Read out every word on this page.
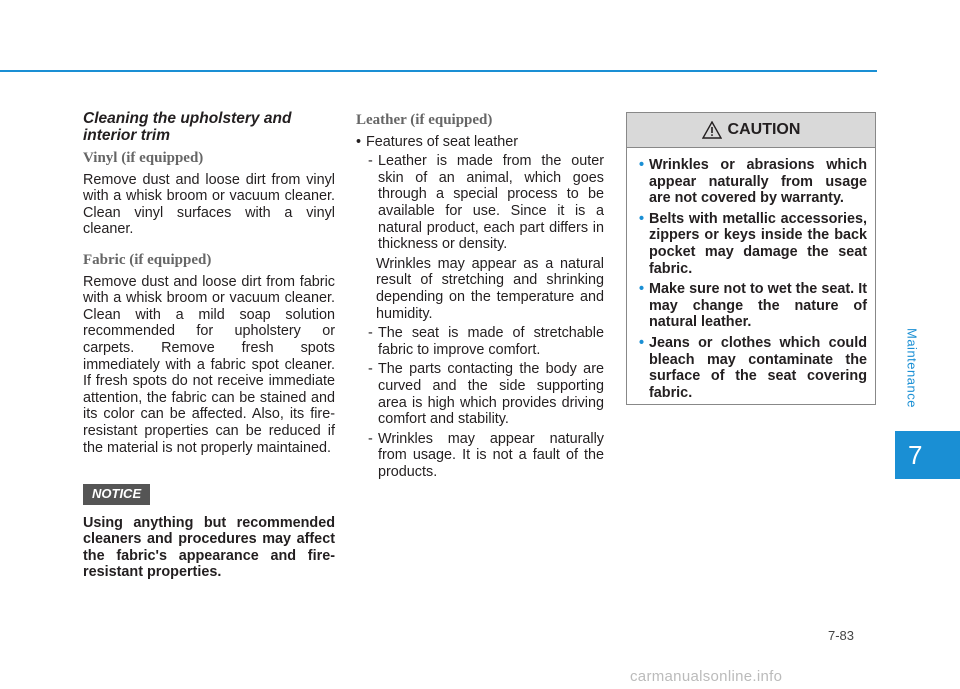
Maintenance
7
Cleaning the upholstery and interior trim
Vinyl (if equipped)

Remove dust and loose dirt from vinyl with a whisk broom or vacuum cleaner. Clean vinyl surfaces with a vinyl cleaner.

Fabric (if equipped)

Remove dust and loose dirt from fabric with a whisk broom or vacuum cleaner. Clean with a mild soap solution recommended for upholstery or carpets. Remove fresh spots immediately with a fabric spot cleaner. If fresh spots do not receive immediate attention, the fabric can be stained and its color can be affected. Also, its fire-resistant properties can be reduced if the material is not properly maintained.

NOTICE

Using anything but recommended cleaners and procedures may affect the fabric's appearance and fire-resistant properties.

Leather (if equipped)
• Features of seat leather
- Leather is made from the outer skin of an animal, which goes through a special process to be available for use. Since it is a natural product, each part differs in thickness or density.
Wrinkles may appear as a natural result of stretching and shrinking depending on the temperature and humidity.
- The seat is made of stretchable fabric to improve comfort.
- The parts contacting the body are curved and the side supporting area is high which provides driving comfort and stability.
- Wrinkles may appear naturally from usage. It is not a fault of the products.
CAUTION
• Wrinkles or abrasions which appear naturally from usage are not covered by warranty.
• Belts with metallic accessories, zippers or keys inside the back pocket may damage the seat fabric.
• Make sure not to wet the seat. It may change the nature of natural leather.
• Jeans or clothes which could bleach may contaminate the surface of the seat covering fabric.
7-83
carmanualsonline.info
